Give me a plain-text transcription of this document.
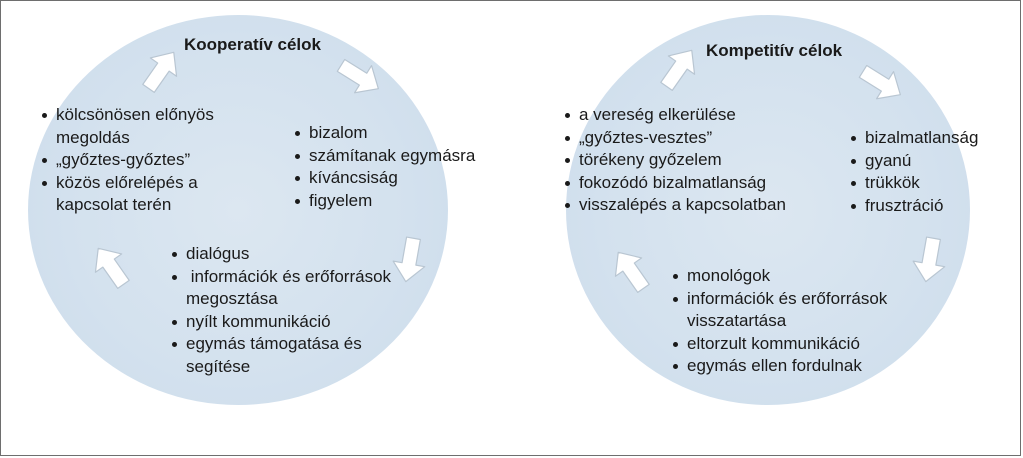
Kooperatív célok
kölcsönösen előnyös megoldás
„győztes-győztes”
közös előrelépés a kapcsolat terén
bizalom
számítanak egymásra
kíváncsiság
figyelem
dialógus
információk és erőforrások megosztása
nyílt kommunikáció
egymás támogatása és segítése
Kompetitív célok
a vereség elkerülése
„győztes-vesztes”
törékeny győzelem
fokozódó bizalmatlanság
visszalépés a kapcsolatban
bizalmatlanság
gyanú
trükkök
frusztráció
monológok
információk és erőforrások visszatartása
eltorzult kommunikáció
egymás ellen fordulnak
